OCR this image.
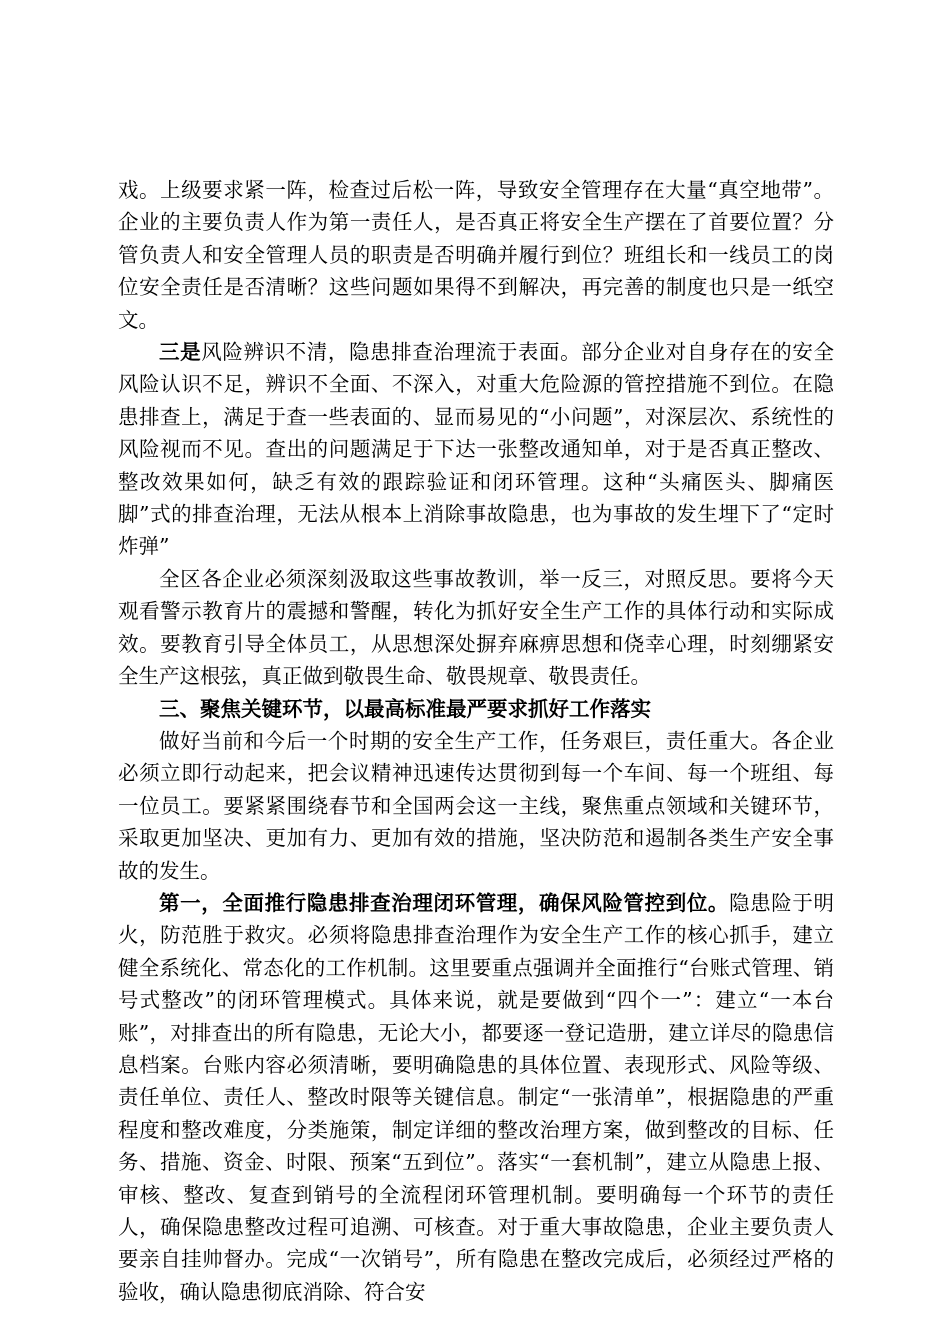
戏。上级要求紧一阵，检查过后松一阵，导致安全管理存在大量“真空地带”。企业的主要负责人作为第一责任人，是否真正将安全生产摆在了首要位置？分管负责人和安全管理人员的职责是否明确并履行到位？班组长和一线员工的岗位安全责任是否清晰？这些问题如果得不到解决，再完善的制度也只是一纸空文。

三是风险辨识不清，隐患排查治理流于表面。部分企业对自身存在的安全风险认识不足，辨识不全面、不深入，对重大危险源的管控措施不到位。在隐患排查上，满足于查一些表面的、显而易见的“小问题”，对深层次、系统性的风险视而不见。查出的问题满足于下达一张整改通知单，对于是否真正整改、整改效果如何，缺乏有效的跟踪验证和闭环管理。这种“头痛医头、脚痛医脚”式的排查治理，无法从根本上消除事故隐患，也为事故的发生埋下了“定时炸弹”

全区各企业必须深刻汲取这些事故教训，举一反三，对照反思。要将今天观看警示教育片的震撼和警醒，转化为抓好安全生产工作的具体行动和实际成效。要教育引导全体员工，从思想深处摒弃麻痹思想和侥幸心理，时刻绷紧安全生产这根弦，真正做到敬畏生命、敬畏规章、敬畏责任。

三、聚焦关键环节，以最高标准最严要求抓好工作落实

做好当前和今后一个时期的安全生产工作，任务艰巨，责任重大。各企业必须立即行动起来，把会议精神迅速传达贯彻到每一个车间、每一个班组、每一位员工。要紧紧围绕春节和全国两会这一主线，聚焦重点领域和关键环节，采取更加坚决、更加有力、更加有效的措施，坚决防范和遏制各类生产安全事故的发生。

第一，全面推行隐患排查治理闭环管理，确保风险管控到位。隐患险于明火，防范胜于救灾。必须将隐患排查治理作为安全生产工作的核心抓手，建立健全系统化、常态化的工作机制。这里要重点强调并全面推行“台账式管理、销号式整改”的闭环管理模式。具体来说，就是要做到“四个一”：建立“一本台账”，对排查出的所有隐患，无论大小，都要逐一登记造册，建立详尽的隐患信息档案。台账内容必须清晰，要明确隐患的具体位置、表现形式、风险等级、责任单位、责任人、整改时限等关键信息。制定“一张清单”，根据隐患的严重程度和整改难度，分类施策，制定详细的整改治理方案，做到整改的目标、任务、措施、资金、时限、预案“五到位”。落实“一套机制”，建立从隐患上报、审核、整改、复查到销号的全流程闭环管理机制。要明确每一个环节的责任人，确保隐患整改过程可追溯、可核查。对于重大事故隐患，企业主要负责人要亲自挂帅督办。完成“一次销号”，所有隐患在整改完成后，必须经过严格的验收，确认隐患彻底消除、符合安
